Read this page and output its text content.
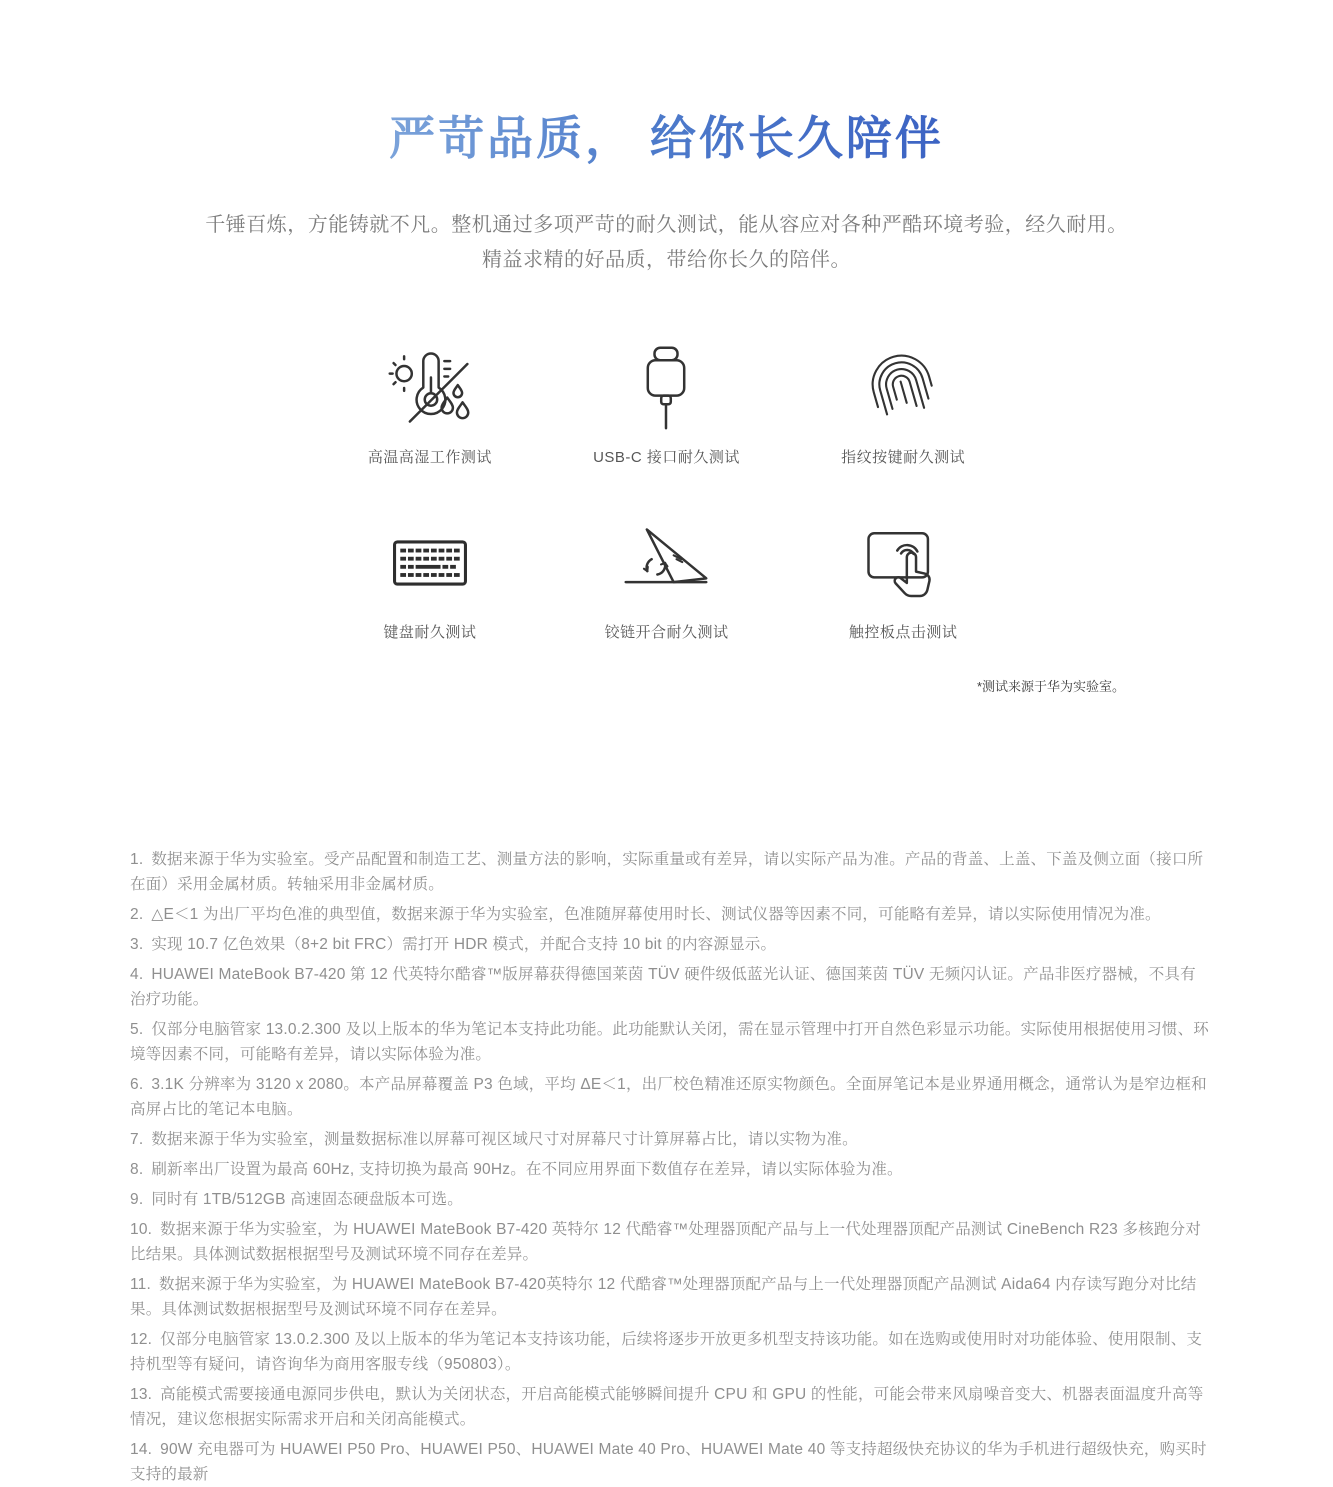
严苛品质， 给你长久陪伴
千锤百炼，方能铸就不凡。整机通过多项严苛的耐久测试，能从容应对各种严酷环境考验，经久耐用。
精益求精的好品质，带给你长久的陪伴。
高温高湿工作测试	USB-C 接口耐久测试	指纹按键耐久测试
键盘耐久测试	铰链开合耐久测试	触控板点击测试
*测试来源于华为实验室。

1. 数据来源于华为实验室。受产品配置和制造工艺、测量方法的影响，实际重量或有差异，请以实际产品为准。产品的背盖、上盖、下盖及侧立面（接口所在面）采用金属材质。转轴采用非金属材质。

2. △E＜1 为出厂平均色准的典型值，数据来源于华为实验室，色准随屏幕使用时长、测试仪器等因素不同，可能略有差异，请以实际使用情况为准。

3. 实现 10.7 亿色效果（8+2 bit FRC）需打开 HDR 模式，并配合支持 10 bit 的内容源显示。

4. HUAWEI MateBook B7-420 第 12 代英特尔酷睿™版屏幕获得德国莱茵 TÜV 硬件级低蓝光认证、德国莱茵 TÜV 无频闪认证。产品非医疗器械，不具有治疗功能。

5. 仅部分电脑管家 13.0.2.300 及以上版本的华为笔记本支持此功能。此功能默认关闭，需在显示管理中打开自然色彩显示功能。实际使用根据使用习惯、环境等因素不同，可能略有差异，请以实际体验为准。

6. 3.1K 分辨率为 3120 x 2080。本产品屏幕覆盖 P3 色域，平均 ΔE＜1，出厂校色精准还原实物颜色。全面屏笔记本是业界通用概念，通常认为是窄边框和高屏占比的笔记本电脑。

7. 数据来源于华为实验室，测量数据标准以屏幕可视区域尺寸对屏幕尺寸计算屏幕占比，请以实物为准。

8. 刷新率出厂设置为最高 60Hz, 支持切换为最高 90Hz。在不同应用界面下数值存在差异，请以实际体验为准。

9. 同时有 1TB/512GB 高速固态硬盘版本可选。

10. 数据来源于华为实验室，为 HUAWEI MateBook B7-420 英特尔 12 代酷睿™处理器顶配产品与上一代处理器顶配产品测试 CineBench R23 多核跑分对比结果。具体测试数据根据型号及测试环境不同存在差异。

11. 数据来源于华为实验室，为 HUAWEI MateBook B7-420英特尔 12 代酷睿™处理器顶配产品与上一代处理器顶配产品测试 Aida64 内存读写跑分对比结果。具体测试数据根据型号及测试环境不同存在差异。

12. 仅部分电脑管家 13.0.2.300 及以上版本的华为笔记本支持该功能，后续将逐步开放更多机型支持该功能。如在选购或使用时对功能体验、使用限制、支持机型等有疑问，请咨询华为商用客服专线（950803）。

13. 高能模式需要接通电源同步供电，默认为关闭状态，开启高能模式能够瞬间提升 CPU 和 GPU 的性能，可能会带来风扇噪音变大、机器表面温度升高等情况，建议您根据实际需求开启和关闭高能模式。

14. 90W 充电器可为 HUAWEI P50 Pro、HUAWEI P50、HUAWEI Mate 40 Pro、HUAWEI Mate 40 等支持超级快充协议的华为手机进行超级快充，购买时支持的最新
